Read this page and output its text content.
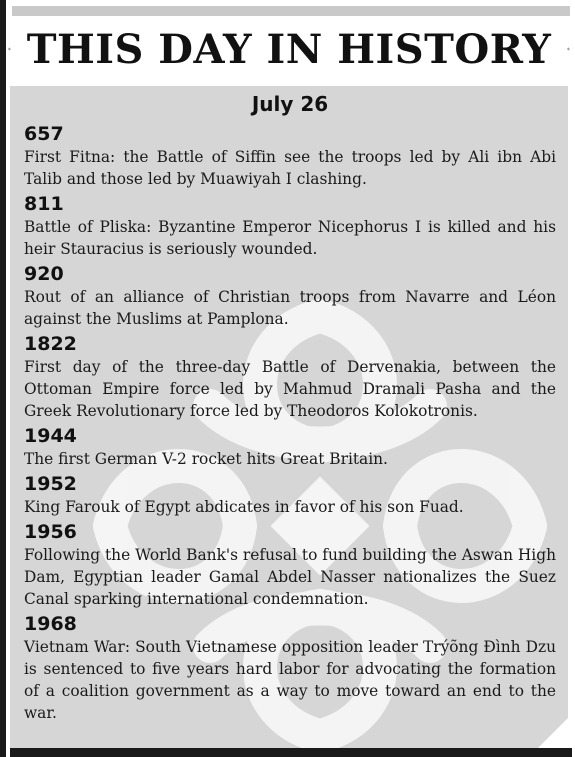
THIS DAY IN HISTORY
July 26
657

First Fitna: the Battle of Siffin see the troops led by Ali ibn Abi Talib and those led by Muawiyah I clashing.

811

Battle of Pliska: Byzantine Emperor Nicephorus I is killed and his heir Stauracius is seriously wounded.

920

Rout of an alliance of Christian troops from Navarre and Léon against the Muslims at Pamplona.

1822

First day of the three-day Battle of Dervenakia, between the Ottoman Empire force led by Mahmud Dramali Pasha and the Greek Revolutionary force led by Theodoros Kolokotronis.

1944

The first German V-2 rocket hits Great Britain.

1952

King Farouk of Egypt abdicates in favor of his son Fuad.

1956

Following the World Bank's refusal to fund building the Aswan High Dam, Egyptian leader Gamal Abdel Nasser nationalizes the Suez Canal sparking international condemnation.

1968

Vietnam War: South Vietnamese opposition leader Trýõng Ðình Dzu is sentenced to five years hard labor for advocating the formation of a coalition government as a way to move toward an end to the war.
